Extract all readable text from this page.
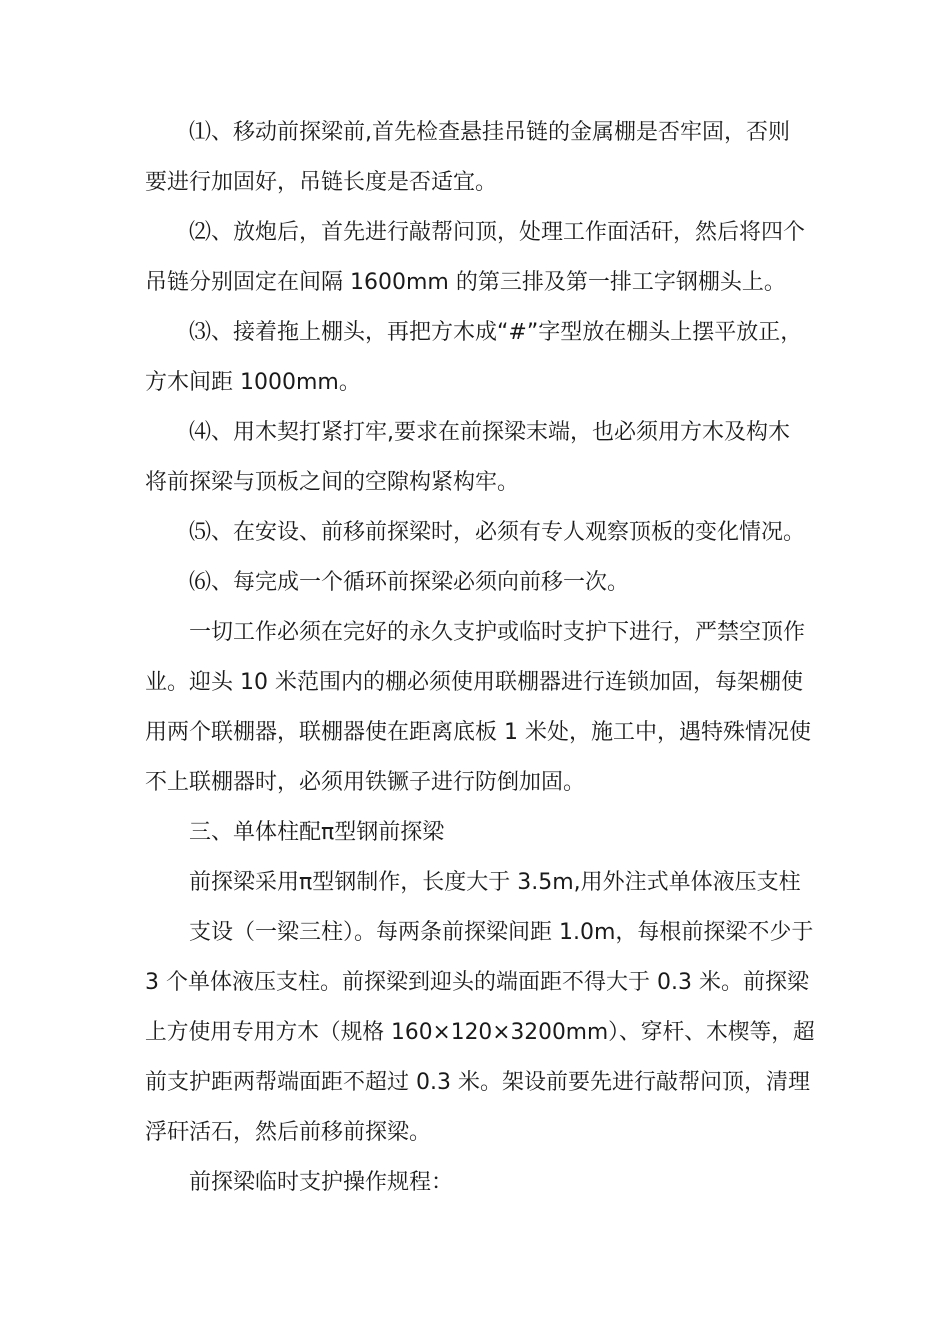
⑴、移动前探梁前,首先检查悬挂吊链的金属棚是否牢固，否则
要进行加固好，吊链长度是否适宜。
⑵、放炮后，首先进行敲帮问顶，处理工作面活矸，然后将四个
吊链分别固定在间隔 1600mm 的第三排及第一排工字钢棚头上。
⑶、接着拖上棚头，再把方木成“#”字型放在棚头上摆平放正，
方木间距 1000mm。
⑷、用木契打紧打牢,要求在前探梁末端，也必须用方木及构木
将前探梁与顶板之间的空隙构紧构牢。
⑸、在安设、前移前探梁时，必须有专人观察顶板的变化情况。
⑹、每完成一个循环前探梁必须向前移一次。
一切工作必须在完好的永久支护或临时支护下进行，严禁空顶作
业。迎头 10 米范围内的棚必须使用联棚器进行连锁加固，每架棚使
用两个联棚器，联棚器使在距离底板 1 米处，施工中，遇特殊情况使
不上联棚器时，必须用铁镢子进行防倒加固。
三、单体柱配π型钢前探梁
前探梁采用π型钢制作，长度大于 3.5m,用外注式单体液压支柱
支设（一梁三柱）。每两条前探梁间距 1.0m，每根前探梁不少于
3 个单体液压支柱。前探梁到迎头的端面距不得大于 0.3 米。前探梁
上方使用专用方木（规格 160×120×3200mm）、穿杆、木楔等，超
前支护距两帮端面距不超过 0.3 米。架设前要先进行敲帮问顶，清理
浮矸活石，然后前移前探梁。
前探梁临时支护操作规程：
